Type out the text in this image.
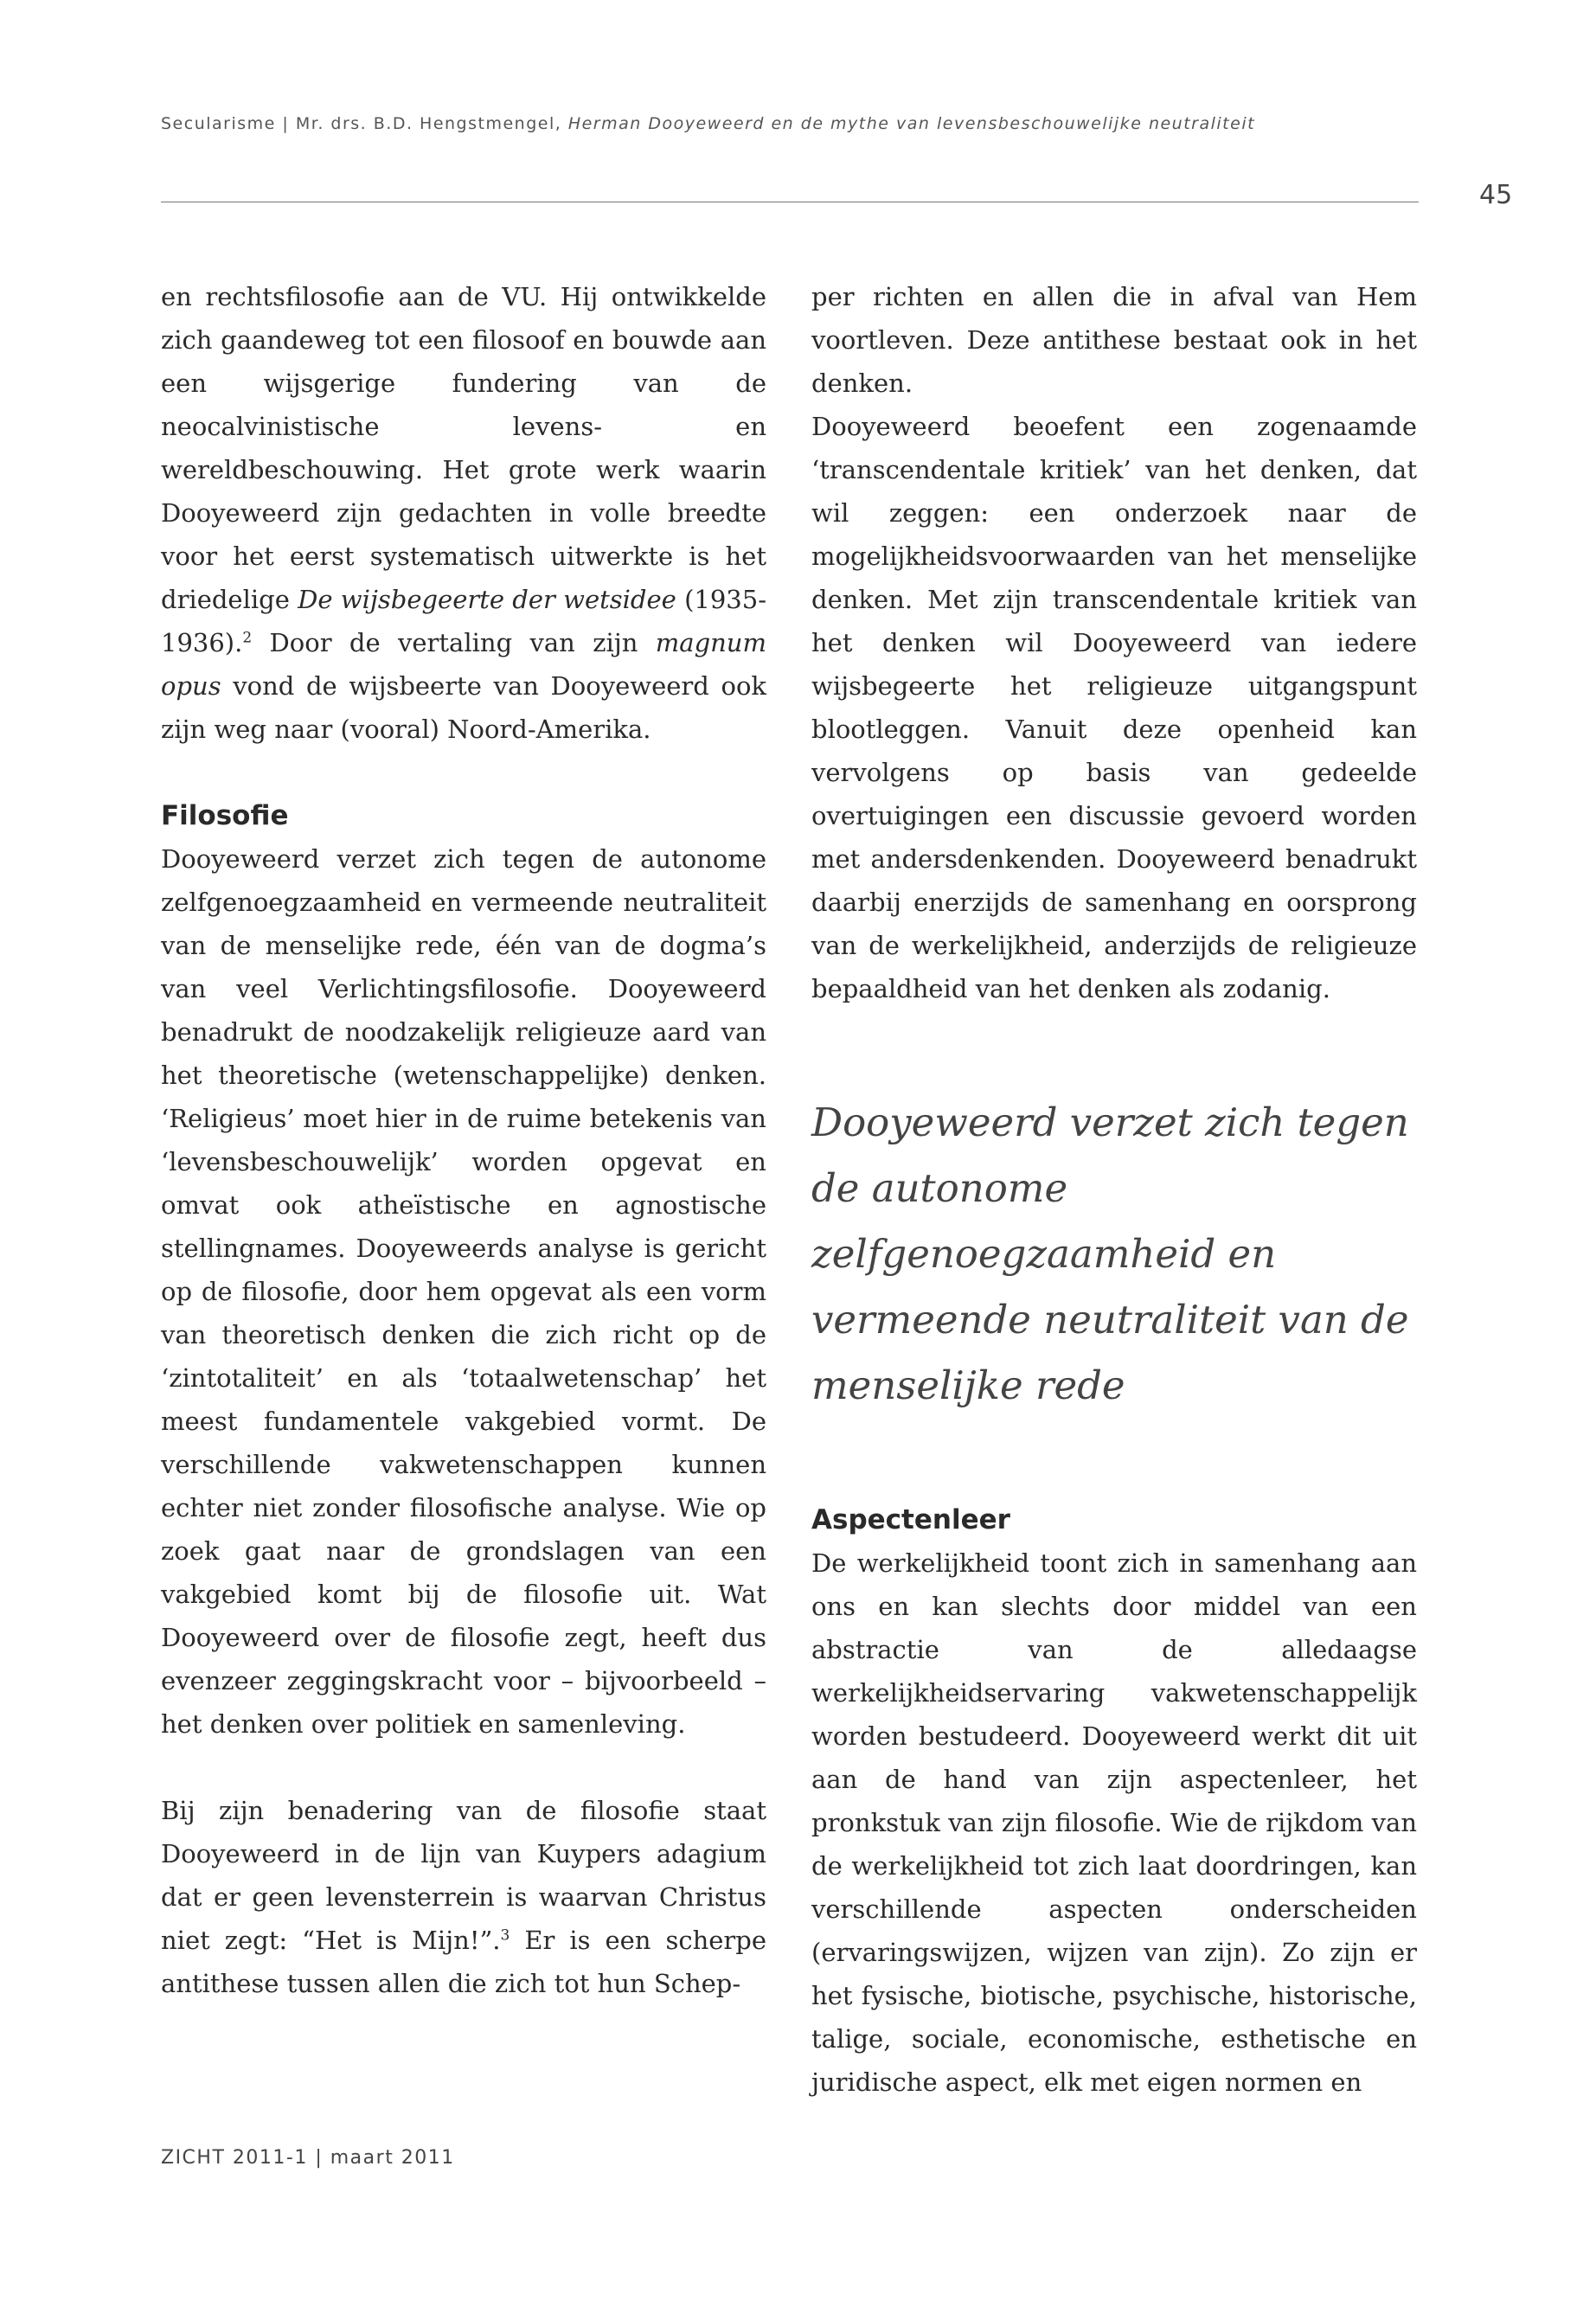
Secularisme | Mr. drs. B.D. Hengstmengel, Herman Dooyeweerd en de mythe van levensbeschouwelijke neutraliteit
45

en rechtsfilosofie aan de VU. Hij ontwikkelde zich gaandeweg tot een filosoof en bouwde aan een wijsgerige fundering van de neocalvinistische levens- en wereldbeschouwing. Het grote werk waarin Dooyeweerd zijn gedachten in volle breedte voor het eerst systematisch uitwerkte is het driedelige De wijsbegeerte der wetsidee (1935-1936).$^2$ Door de vertaling van zijn magnum opus vond de wijsbeerte van Dooyeweerd ook zijn weg naar (vooral) Noord-Amerika.

Filosofie

Dooyeweerd verzet zich tegen de autonome zelfgenoegzaamheid en vermeende neutraliteit van de menselijke rede, één van de dogma’s van veel Verlichtingsfilosofie. Dooyeweerd benadrukt de noodzakelijk religieuze aard van het theoretische (wetenschappelijke) denken. ‘Religieus’ moet hier in de ruime betekenis van ‘levensbeschouwelijk’ worden opgevat en omvat ook atheïstische en agnostische stellingnames. Dooyeweerds analyse is gericht op de filosofie, door hem opgevat als een vorm van theoretisch denken die zich richt op de ‘zintotaliteit’ en als ‘totaalwetenschap’ het meest fundamentele vakgebied vormt. De verschillende vakwetenschappen kunnen echter niet zonder filosofische analyse. Wie op zoek gaat naar de grondslagen van een vakgebied komt bij de filosofie uit. Wat Dooyeweerd over de filosofie zegt, heeft dus evenzeer zeggingskracht voor – bijvoorbeeld – het denken over politiek en samenleving.

Bij zijn benadering van de filosofie staat Dooyeweerd in de lijn van Kuypers adagium dat er geen levensterrein is waarvan Christus niet zegt: “Het is Mijn!”.$^3$ Er is een scherpe antithese tussen allen die zich tot hun Schep-

per richten en allen die in afval van Hem voortleven. Deze antithese bestaat ook in het denken.

Dooyeweerd beoefent een zogenaamde ‘transcendentale kritiek’ van het denken, dat wil zeggen: een onderzoek naar de mogelijkheidsvoorwaarden van het menselijke denken. Met zijn transcendentale kritiek van het denken wil Dooyeweerd van iedere wijsbegeerte het religieuze uitgangspunt blootleggen. Vanuit deze openheid kan vervolgens op basis van gedeelde overtuigingen een discussie gevoerd worden met andersdenkenden. Dooyeweerd benadrukt daarbij enerzijds de samenhang en oorsprong van de werkelijkheid, anderzijds de religieuze bepaaldheid van het denken als zodanig.

Dooyeweerd verzet zich tegen de autonome zelfgenoegzaamheid en vermeende neutraliteit van de menselijke rede
Aspectenleer

De werkelijkheid toont zich in samenhang aan ons en kan slechts door middel van een abstractie van de alledaagse werkelijkheidservaring vakwetenschappelijk worden bestudeerd. Dooyeweerd werkt dit uit aan de hand van zijn aspectenleer, het pronkstuk van zijn filosofie. Wie de rijkdom van de werkelijkheid tot zich laat doordringen, kan verschillende aspecten onderscheiden (ervaringswijzen, wijzen van zijn). Zo zijn er het fysische, biotische, psychische, historische, talige, sociale, economische, esthetische en juridische aspect, elk met eigen normen en

ZICHT 2011-1 | maart 2011
